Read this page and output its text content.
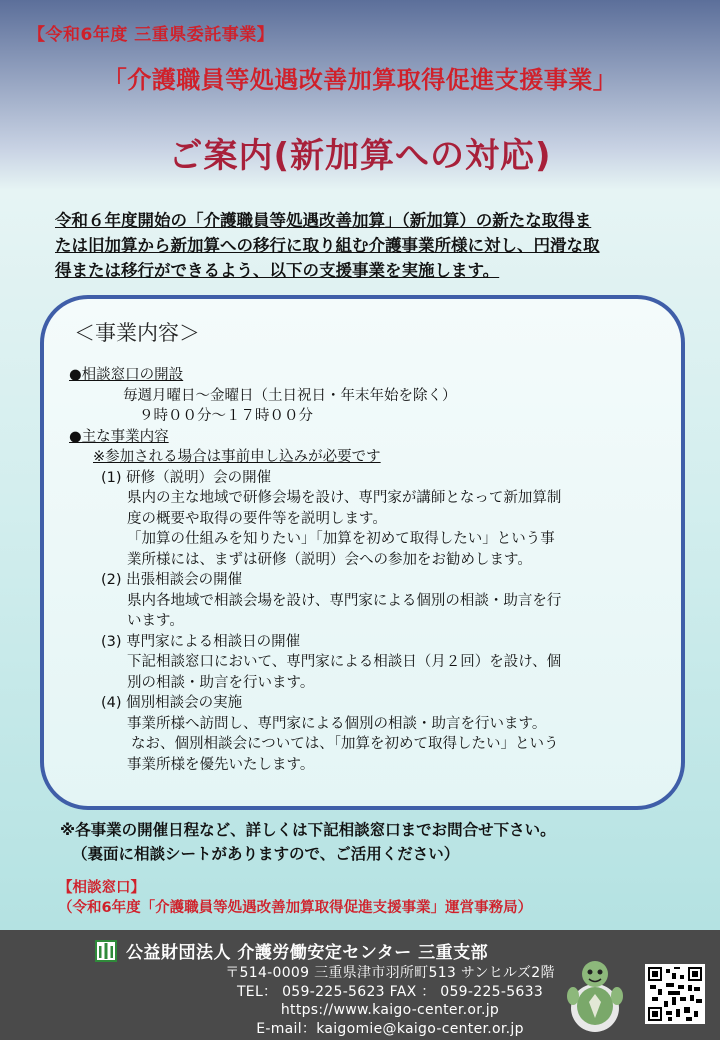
【令和6年度 三重県委託事業】
「介護職員等処遇改善加算取得促進支援事業」
ご案内(新加算への対応)
令和６年度開始の「介護職員等処遇改善加算」（新加算）の新たな取得ま
たは旧加算から新加算への移行に取り組む介護事業所様に対し、円滑な取
得または移行ができるよう、以下の支援事業を実施します。
＜事業内容＞
●相談窓口の開設
毎週月曜日～金曜日（土日祝日・年末年始を除く）
９時００分～１７時００分
●主な事業内容
※参加される場合は事前申し込みが必要です
(1) 研修（説明）会の開催
県内の主な地域で研修会場を設け、専門家が講師となって新加算制
度の概要や取得の要件等を説明します。
「加算の仕組みを知りたい」「加算を初めて取得したい」という事
業所様には、まずは研修（説明）会への参加をお勧めします。
(2) 出張相談会の開催
県内各地域で相談会場を設け、専門家による個別の相談・助言を行
います。
(3) 専門家による相談日の開催
下記相談窓口において、専門家による相談日（月２回）を設け、個
別の相談・助言を行います。
(4) 個別相談会の実施
事業所様へ訪問し、専門家による個別の相談・助言を行います。
なお、個別相談会については、「加算を初めて取得したい」という
事業所様を優先いたします。
※各事業の開催日程など、詳しくは下記相談窓口までお問合せ下さい。
（裏面に相談シートがありますので、ご活用ください）
【相談窓口】
（令和6年度「介護職員等処遇改善加算取得促進支援事業」運営事務局）
公益財団法人 介護労働安定センター 三重支部
〒514-0009 三重県津市羽所町513 サンヒルズ2階
TEL： 059-225-5623 FAX ： 059-225-5633
https://www.kaigo-center.or.jp
E-mail：kaigomie@kaigo-center.or.jp
